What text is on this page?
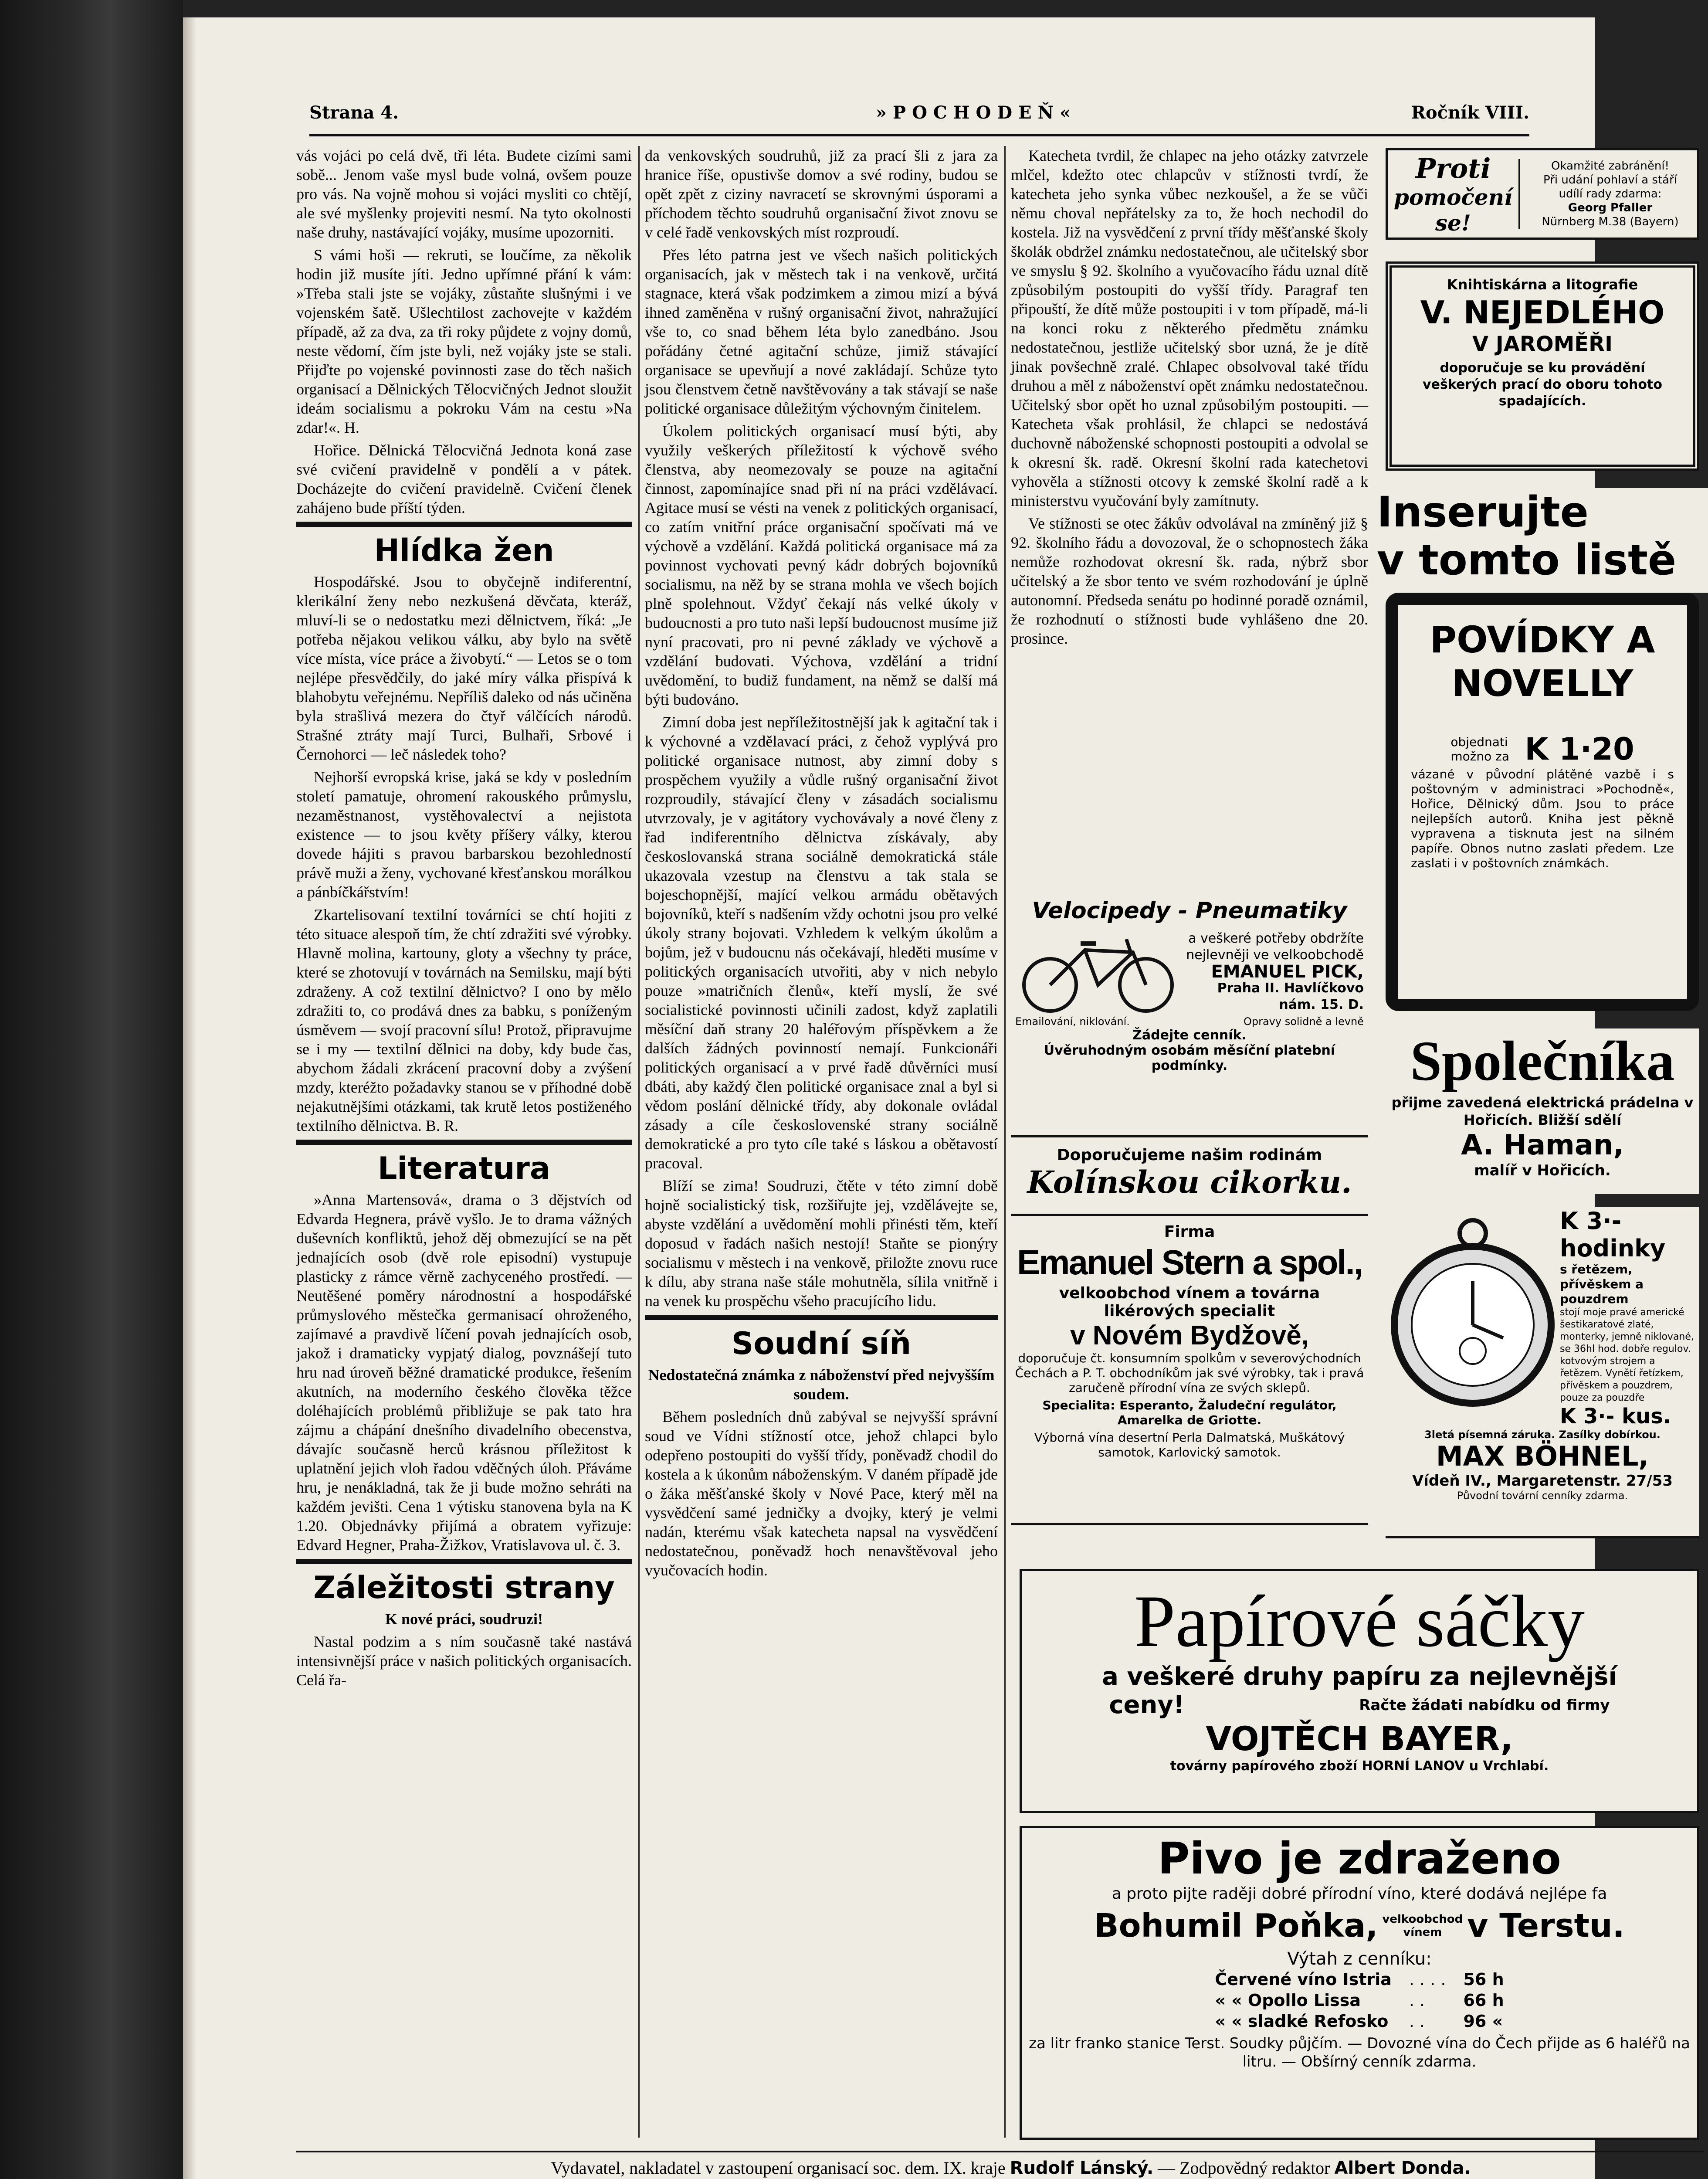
Strana 4.	»POCHODEŇ«	Ročník VIII.

vás vojáci po celá dvě, tři léta. Budete cizími sami sobě... Jenom vaše mysl bude volná, ovšem pouze pro vás. Na vojně mohou si vojáci mysliti co chtějí, ale své myšlenky projeviti nesmí. Na tyto okolnosti naše druhy, nastávající vojáky, musíme upozorniti.

S vámi hoši — rekruti, se loučíme, za několik hodin již musíte jíti. Jedno upřímné přání k vám: »Třeba stali jste se vojáky, zůstaňte slušnými i ve vojenském šatě. Ušlechtilost zachovejte v každém případě, až za dva, za tři roky půjdete z vojny domů, neste vědomí, čím jste byli, než vojáky jste se stali. Přijďte po vojenské povinnosti zase do těch našich organisací a Dělnických Tělocvičných Jednot sloužit ideám socialismu a pokroku Vám na cestu »Na zdar!«. H.

Hořice. Dělnická Tělocvičná Jednota koná zase své cvičení pravidelně v pondělí a v pátek. Docházejte do cvičení pravidelně. Cvičení členek zahájeno bude příští týden.

Hlídka žen

Hospodářské. Jsou to obyčejně indiferentní, klerikální ženy nebo nezkušená děvčata, kteráž, mluví-li se o nedostatku mezi dělnictvem, říká: „Je potřeba nějakou velikou válku, aby bylo na světě více místa, více práce a živobytí.“ — Letos se o tom nejlépe přesvědčily, do jaké míry válka přispívá k blahobytu veřejnému. Nepříliš daleko od nás učiněna byla strašlivá mezera do čtyř válčících národů. Strašné ztráty mají Turci, Bulhaři, Srbové i Černohorci — leč následek toho?

Nejhorší evropská krise, jaká se kdy v posledním století pamatuje, ohromení rakouského průmyslu, nezaměstnanost, vystěhovalectví a nejistota existence — to jsou květy příšery války, kterou dovede hájiti s pravou barbarskou bezohledností právě muži a ženy, vychované křesťanskou morálkou a pánbíčkářstvím!

Zkartelisovaní textilní továrníci se chtí hojiti z této situace alespoň tím, že chtí zdražiti své výrobky. Hlavně molina, kartouny, gloty a všechny ty práce, které se zhotovují v továrnách na Semilsku, mají býti zdraženy. A což textilní dělnictvo? I ono by mělo zdražiti to, co prodává dnes za babku, s poníženým úsměvem — svojí pracovní sílu! Protož, připravujme se i my — textilní dělnici na doby, kdy bude čas, abychom žádali zkrácení pracovní doby a zvýšení mzdy, kteréžto požadavky stanou se v příhodné době nejakutnějšími otázkami, tak krutě letos postiženého textilního dělnictva. B. R.

Literatura

»Anna Martensová«, drama o 3 dějstvích od Edvarda Hegnera, právě vyšlo. Je to drama vážných duševních konfliktů, jehož děj obmezující se na pět jednajících osob (dvě role episodní) vystupuje plasticky z rámce věrně zachyceného prostředí. — Neutěšené poměry národnostní a hospodářské průmyslového městečka germanisací ohroženého, zajímavé a pravdivě líčení povah jednajících osob, jakož i dramaticky vypjatý dialog, povznášejí tuto hru nad úroveň běžné dramatické produkce, řešením akutních, na moderního českého člověka těžce doléhajících problémů přibližuje se pak tato hra zájmu a chápání dnešního divadelního obecenstva, dávajíc současně herců krásnou příležitost k uplatnění jejich vloh řadou vděčných úloh. Přáváme hru, je nenákladná, tak že ji bude možno sehráti na každém jevišti. Cena 1 výtisku stanovena byla na K 1.20. Objednávky přijímá a obratem vyřizuje: Edvard Hegner, Praha-Žižkov, Vratislavova ul. č. 3.

Záležitosti strany

K nové práci, soudruzi!

Nastal podzim a s ním současně také nastává intensivnější práce v našich politických organisacích. Celá řa-

da venkovských soudruhů, již za prací šli z jara za hranice říše, opustivše domov a své rodiny, budou se opět zpět z ciziny navracetí se skrovnými úsporami a příchodem těchto soudruhů organisační život znovu se v celé řadě venkovských míst rozproudí.

Přes léto patrna jest ve všech našich politických organisacích, jak v městech tak i na venkově, určitá stagnace, která však podzimkem a zimou mizí a bývá ihned zaměněna v rušný organisační život, nahražující vše to, co snad během léta bylo zanedbáno. Jsou pořádány četné agitační schůze, jimiž stávající organisace se upevňují a nové zakládají. Schůze tyto jsou členstvem četně navštěvovány a tak stávají se naše politické organisace důležitým výchovným činitelem.

Úkolem politických organisací musí býti, aby využily veškerých příležitostí k výchově svého členstva, aby neomezovaly se pouze na agitační činnost, zapomínajíce snad při ní na práci vzdělávací. Agitace musí se vésti na venek z politických organisací, co zatím vnitřní práce organisační spočívati má ve výchově a vzdělání. Každá politická organisace má za povinnost vychovati pevný kádr dobrých bojovníků socialismu, na něž by se strana mohla ve všech bojích plně spolehnout. Vždyť čekají nás velké úkoly v budoucnosti a pro tuto naši lepší budoucnost musíme již nyní pracovati, pro ni pevné základy ve výchově a vzdělání budovati. Výchova, vzdělání a tridní uvědomění, to budiž fundament, na němž se další má býti budováno.

Zimní doba jest nepříležitostnější jak k agitační tak i k výchovné a vzdělavací práci, z čehož vyplývá pro politické organisace nutnost, aby zimní doby s prospěchem využily a vůdle rušný organisační život rozproudily, stávající členy v zásadách socialismu utvrzovaly, je v agitátory vychovávaly a nové členy z řad indiferentního dělnictva získávaly, aby českoslovanská strana sociálně demokratická stále ukazovala vzestup na členstvu a tak stala se bojeschopnější, mající velkou armádu obětavých bojovníků, kteří s nadšením vždy ochotni jsou pro velké úkoly strany bojovati. Vzhledem k velkým úkolům a bojům, jež v budoucnu nás očekávají, hleděti musíme v politických organisacích utvořiti, aby v nich nebylo pouze »matričních členů«, kteří myslí, že své socialistické povinnosti učinili zadost, když zaplatili měsíční daň strany 20 haléřovým příspěvkem a že dalších žádných povinností nemají. Funkcionáři politických organisací a v prvé řadě důvěrníci musí dbáti, aby každý člen politické organisace znal a byl si vědom poslání dělnické třídy, aby dokonale ovládal zásady a cíle československé strany sociálně demokratické a pro tyto cíle také s láskou a obětavostí pracoval.

Blíží se zima! Soudruzi, čtěte v této zimní době hojně socialistický tisk, rozšiřujte jej, vzdělávejte se, abyste vzdělání a uvědomění mohli přinésti těm, kteří doposud v řadách našich nestojí! Staňte se pionýry socialismu v městech i na venkově, přiložte znovu ruce k dílu, aby strana naše stále mohutněla, sílila vnitřně i na venek ku prospěchu všeho pracujícího lidu.

Soudní síň

Nedostatečná známka z náboženství před nejvyšším soudem.

Během posledních dnů zabýval se nejvyšší správní soud ve Vídni stížností otce, jehož chlapci bylo odepřeno postoupiti do vyšší třídy, poněvadž chodil do kostela a k úkonům náboženským. V daném případě jde o žáka měšťanské školy v Nové Pace, který měl na vysvědčení samé jedničky a dvojky, který je velmi nadán, kterému však katecheta napsal na vysvědčení nedostatečnou, poněvadž hoch nenavštěvoval jeho vyučovacích hodin.

Katecheta tvrdil, že chlapec na jeho otázky zatvrzele mlčel, kdežto otec chlapcův v stížnosti tvrdí, že katecheta jeho synka vůbec nezkoušel, a že se vůči němu choval nepřátelsky za to, že hoch nechodil do kostela. Již na vysvědčení z první třídy měšťanské školy školák obdržel známku nedostatečnou, ale učitelský sbor ve smyslu § 92. školního a vyučovacího řádu uznal dítě způsobilým postoupiti do vyšší třídy. Paragraf ten připouští, že dítě může postoupiti i v tom případě, má-li na konci roku z některého předmětu známku nedostatečnou, jestliže učitelský sbor uzná, že je dítě jinak povšechně zralé. Chlapec obsolvoval také třídu druhou a měl z náboženství opět známku nedostatečnou. Učitelský sbor opět ho uznal způsobilým postoupiti. — Katecheta však prohlásil, že chlapci se nedostává duchovně náboženské schopnosti postoupiti a odvolal se k okresní šk. radě. Okresní školní rada katechetovi vyhověla a stížnosti otcovy k zemské školní radě a k ministerstvu vyučování byly zamítnuty.

Ve stížnosti se otec žákův odvolával na zmíněný již § 92. školního řádu a dovozoval, že o schopnostech žáka nemůže rozhodovat okresní šk. rada, nýbrž sbor učitelský a že sbor tento ve svém rozhodování je úplně autonomní. Předseda senátu po hodinné poradě oznámil, že rozhodnutí o stížnosti bude vyhlášeno dne 20. prosince.

Velocipedy - Pneumatiky
a veškeré potřeby obdržíte nejlevněji ve velkoobchodě
EMANUEL PICK,
Praha II. Havlíčkovo nám. 15. D.
Emailování, niklování.	Opravy solidně a levně
Žádejte cenník.
Úvěruhodným osobám měsíční platební podmínky.
Doporučujeme našim rodinám
Kolínskou cikorku.
Firma
Emanuel Stern a spol.,
velkoobchod vínem a továrna likérových specialit
v Novém Bydžově,
doporučuje čt. konsumním spolkům v severovýchodních Čechách a P. T. obchodníkům jak své výrobky, tak i pravá zaručeně přírodní vína ze svých sklepů.
Specialita: Esperanto, Žaludeční regulátor, Amarelka de Griotte.
Výborná vína desertní Perla Dalmatská, Muškátový samotok, Karlovický samotok.
Proti
pomočení se!
Okamžité zabránění!
Při udání pohlaví a stáří
udílí rady zdarma:
Georg Pfaller
Nürnberg M.38 (Bayern)
Knihtiskárna a litografie
V. NEJEDLÉHO
V JAROMĚŘI
doporučuje se ku provádění veškerých prací do oboru tohoto spadajících.
Inserujte
v tomto listě
POVÍDKY A NOVELLY
objednati možno za K 1·20
vázané v původní plátěné vazbě i s poštovným v administraci »Pochodně«, Hořice, Dělnický dům. Jsou to práce nejlepších autorů. Kniha jest pěkně vypravena a tisknuta jest na silném papíře. Obnos nutno zaslati předem. Lze zaslati i v poštovních známkách.
Společníka
přijme zavedená elektrická prádelna v Hořicích. Bližší sdělí
A. Haman,
malíř v Hořicích.
K 3·- hodinky
s řetězem, přívěskem a pouzdrem
stojí moje pravé americké šestikaratové zlaté, monterky, jemně niklované, se 36hl hod. dobře regulov. kotvovým strojem a řetězem. Vynětí řetízkem, přívěskem a pouzdrem, pouze za pouzdře
K 3·- kus.
3letá písemná záruka. Zasílky dobírkou.
MAX BÖHNEL,
Vídeň IV., Margaretenstr. 27/53
Původní tovární cenníky zdarma.
Papírové sáčky
a veškeré druhy papíru za nejlevnější
ceny!	Račte žádati nabídku od firmy
VOJTĚCH BAYER,
továrny papírového zboží HORNÍ LANOV u Vrchlabí.
Pivo je zdraženo
a proto pijte raději dobré přírodní víno, které dodává nejlépe fa
Bohumil Poňka, velkoobchod
vínem v Terstu.
Výtah z cenníku:
Červené víno Istria	. . . .	56 h
« « Opollo Lissa	. .	66 h
« « sladké Refosko	. .	96 «
za litr franko stanice Terst. Soudky půjčím. — Dovozné vína do Čech přijde as 6 haléřů na litru. — Obšírný cenník zdarma.
Vydavatel, nakladatel v zastoupení organisací soc. dem. IX. kraje Rudolf Lánský. — Zodpovědný redaktor Albert Donda.
